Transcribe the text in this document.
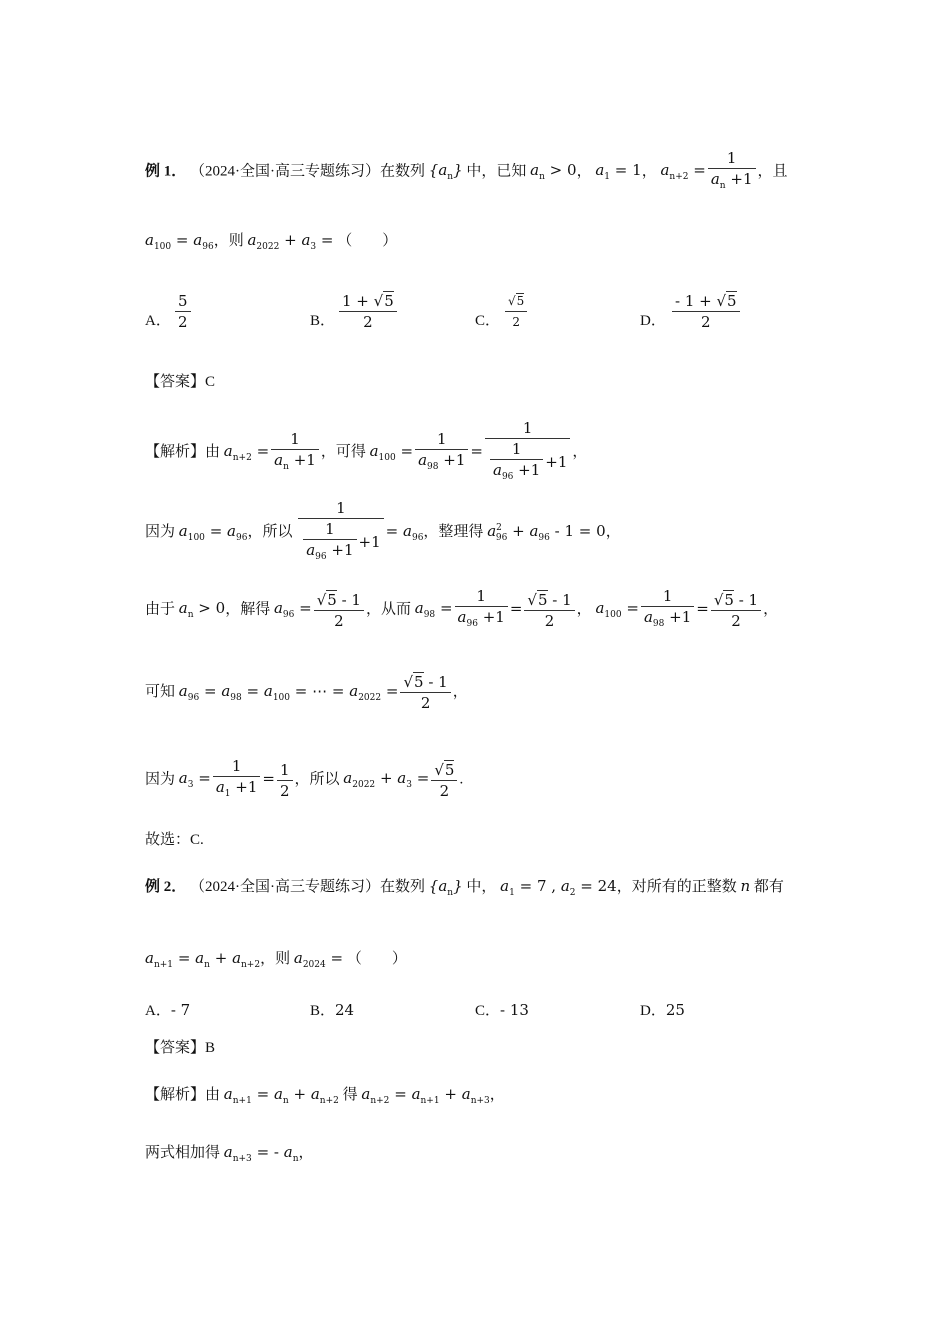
例 1． （2024·全国·高三专题练习）在数列 $\{a_n\}$ 中，已知 $a_n > 0$， $a_1 = 1$， $a_{n+2} = \frac{1}{a_n +1}$ ，且
$a_{100} = a_{96}$，则 $a_{2022} + a_3$ = （　　）
A． $\frac{5}{2}$	B． $\frac{1 + √5}{2}$	C． $\frac{√5}{2}$	D． $\frac{- 1 + √5}{2}$
【答案】C
【解析】由 $a_{n+2} = \frac{1}{a_n +1}$ ，可得 $a_{100} = \frac{1}{a_{98} +1} = \frac{1}{\frac{1}{a_{96} +1} +1}$ ，
因为 $a_{100} = a_{96}$，所以 $\frac{1}{\frac{1}{a_{96} +1} +1} = a_{96}$，整理得 $a^2_{96} + a_{96} - 1 = 0$，
由于 $a_n > 0$，解得 $a_{96} = \frac{√5 - 1}{2}$ ，从而 $a_{98} = \frac{1}{a_{96} +1} = \frac{√5 - 1}{2}$ ， $a_{100} = \frac{1}{a_{98} +1} = \frac{√5 - 1}{2}$ ，
可知 $a_{96} = a_{98} = a_{100}$ = ⋯ = $a_{2022} = \frac{√5 - 1}{2}$ ，
因为 $a_3 = \frac{1}{a_1 +1} = \frac{1}{2}$ ，所以 $a_{2022} + a_3 = \frac{√5}{2}$ .
故选：C.
例 2． （2024·全国·高三专题练习）在数列 $\{a_n\}$ 中， $a_1 = 7$ , $a_2 = 24$，对所有的正整数 n 都有
$a_{n+1} = a_n + a_{n+2}$，则 $a_{2024}$ = （　　）
A．- 7	B．24	C．- 13	D．25
【答案】B
【解析】由 $a_{n+1} = a_n + a_{n+2}$ 得 $a_{n+2} = a_{n+1} + a_{n+3}$，
两式相加得 $a_{n+3}$ = - $a_n$，
